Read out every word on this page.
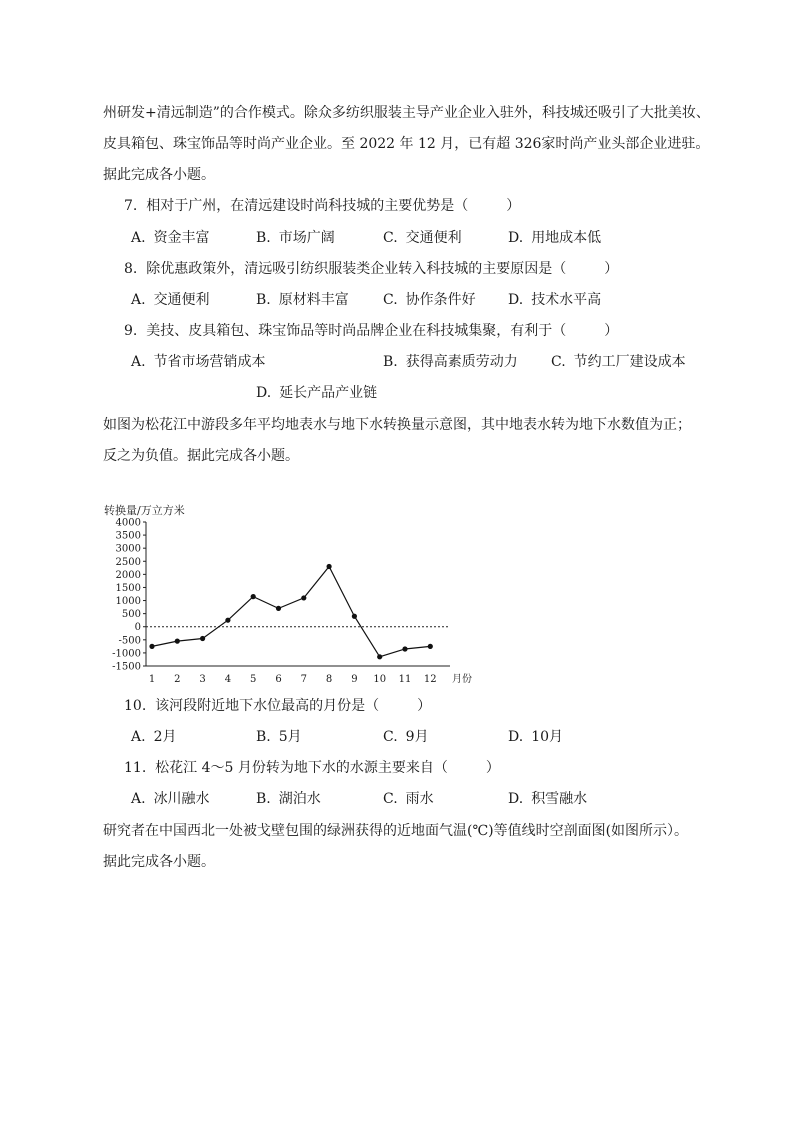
州研发+清远制造”的合作模式。除众多纺织服装主导产业企业入驻外，科技城还吸引了大批美妆、
皮具箱包、珠宝饰品等时尚产业企业。至 2022 年 12 月，已有超 326家时尚产业头部企业进驻。
据此完成各小题。
7. 相对于广州，在清远建设时尚科技城的主要优势是（	）
A. 资金丰富	B. 市场广阔	C. 交通便利	D. 用地成本低
8. 除优惠政策外，清远吸引纺织服装类企业转入科技城的主要原因是（	）
A. 交通便利	B. 原材料丰富 C. 协作条件好 D. 技术水平高
9. 美技、皮具箱包、珠宝饰品等时尚品牌企业在科技城集聚，有利于（	）
A. 节省市场营销成本	B. 获得高素质劳动力 C. 节约工厂建设成本
D. 延长产品产业链
如图为松花江中游段多年平均地表水与地下水转换量示意图，其中地表水转为地下水数值为正；
反之为负值。据此完成各小题。
转换量/万立方米
4000
3500
3000
2500
2000
1500
1000
500
0
-500
-1000
-1500
1 2 3 4 5 6 7 8 9 10 11 12 月份
10. 该河段附近地下水位最高的月份是（	）
A. 2月	B. 5月	C. 9月	D. 10月
11. 松花江 4～5 月份转为地下水的水源主要来自（	）
A. 冰川融水	B. 湖泊水	C. 雨水	D. 积雪融水
研究者在中国西北一处被戈壁包围的绿洲获得的近地面气温(℃)等值线时空剖面图(如图所示）。
据此完成各小题。
